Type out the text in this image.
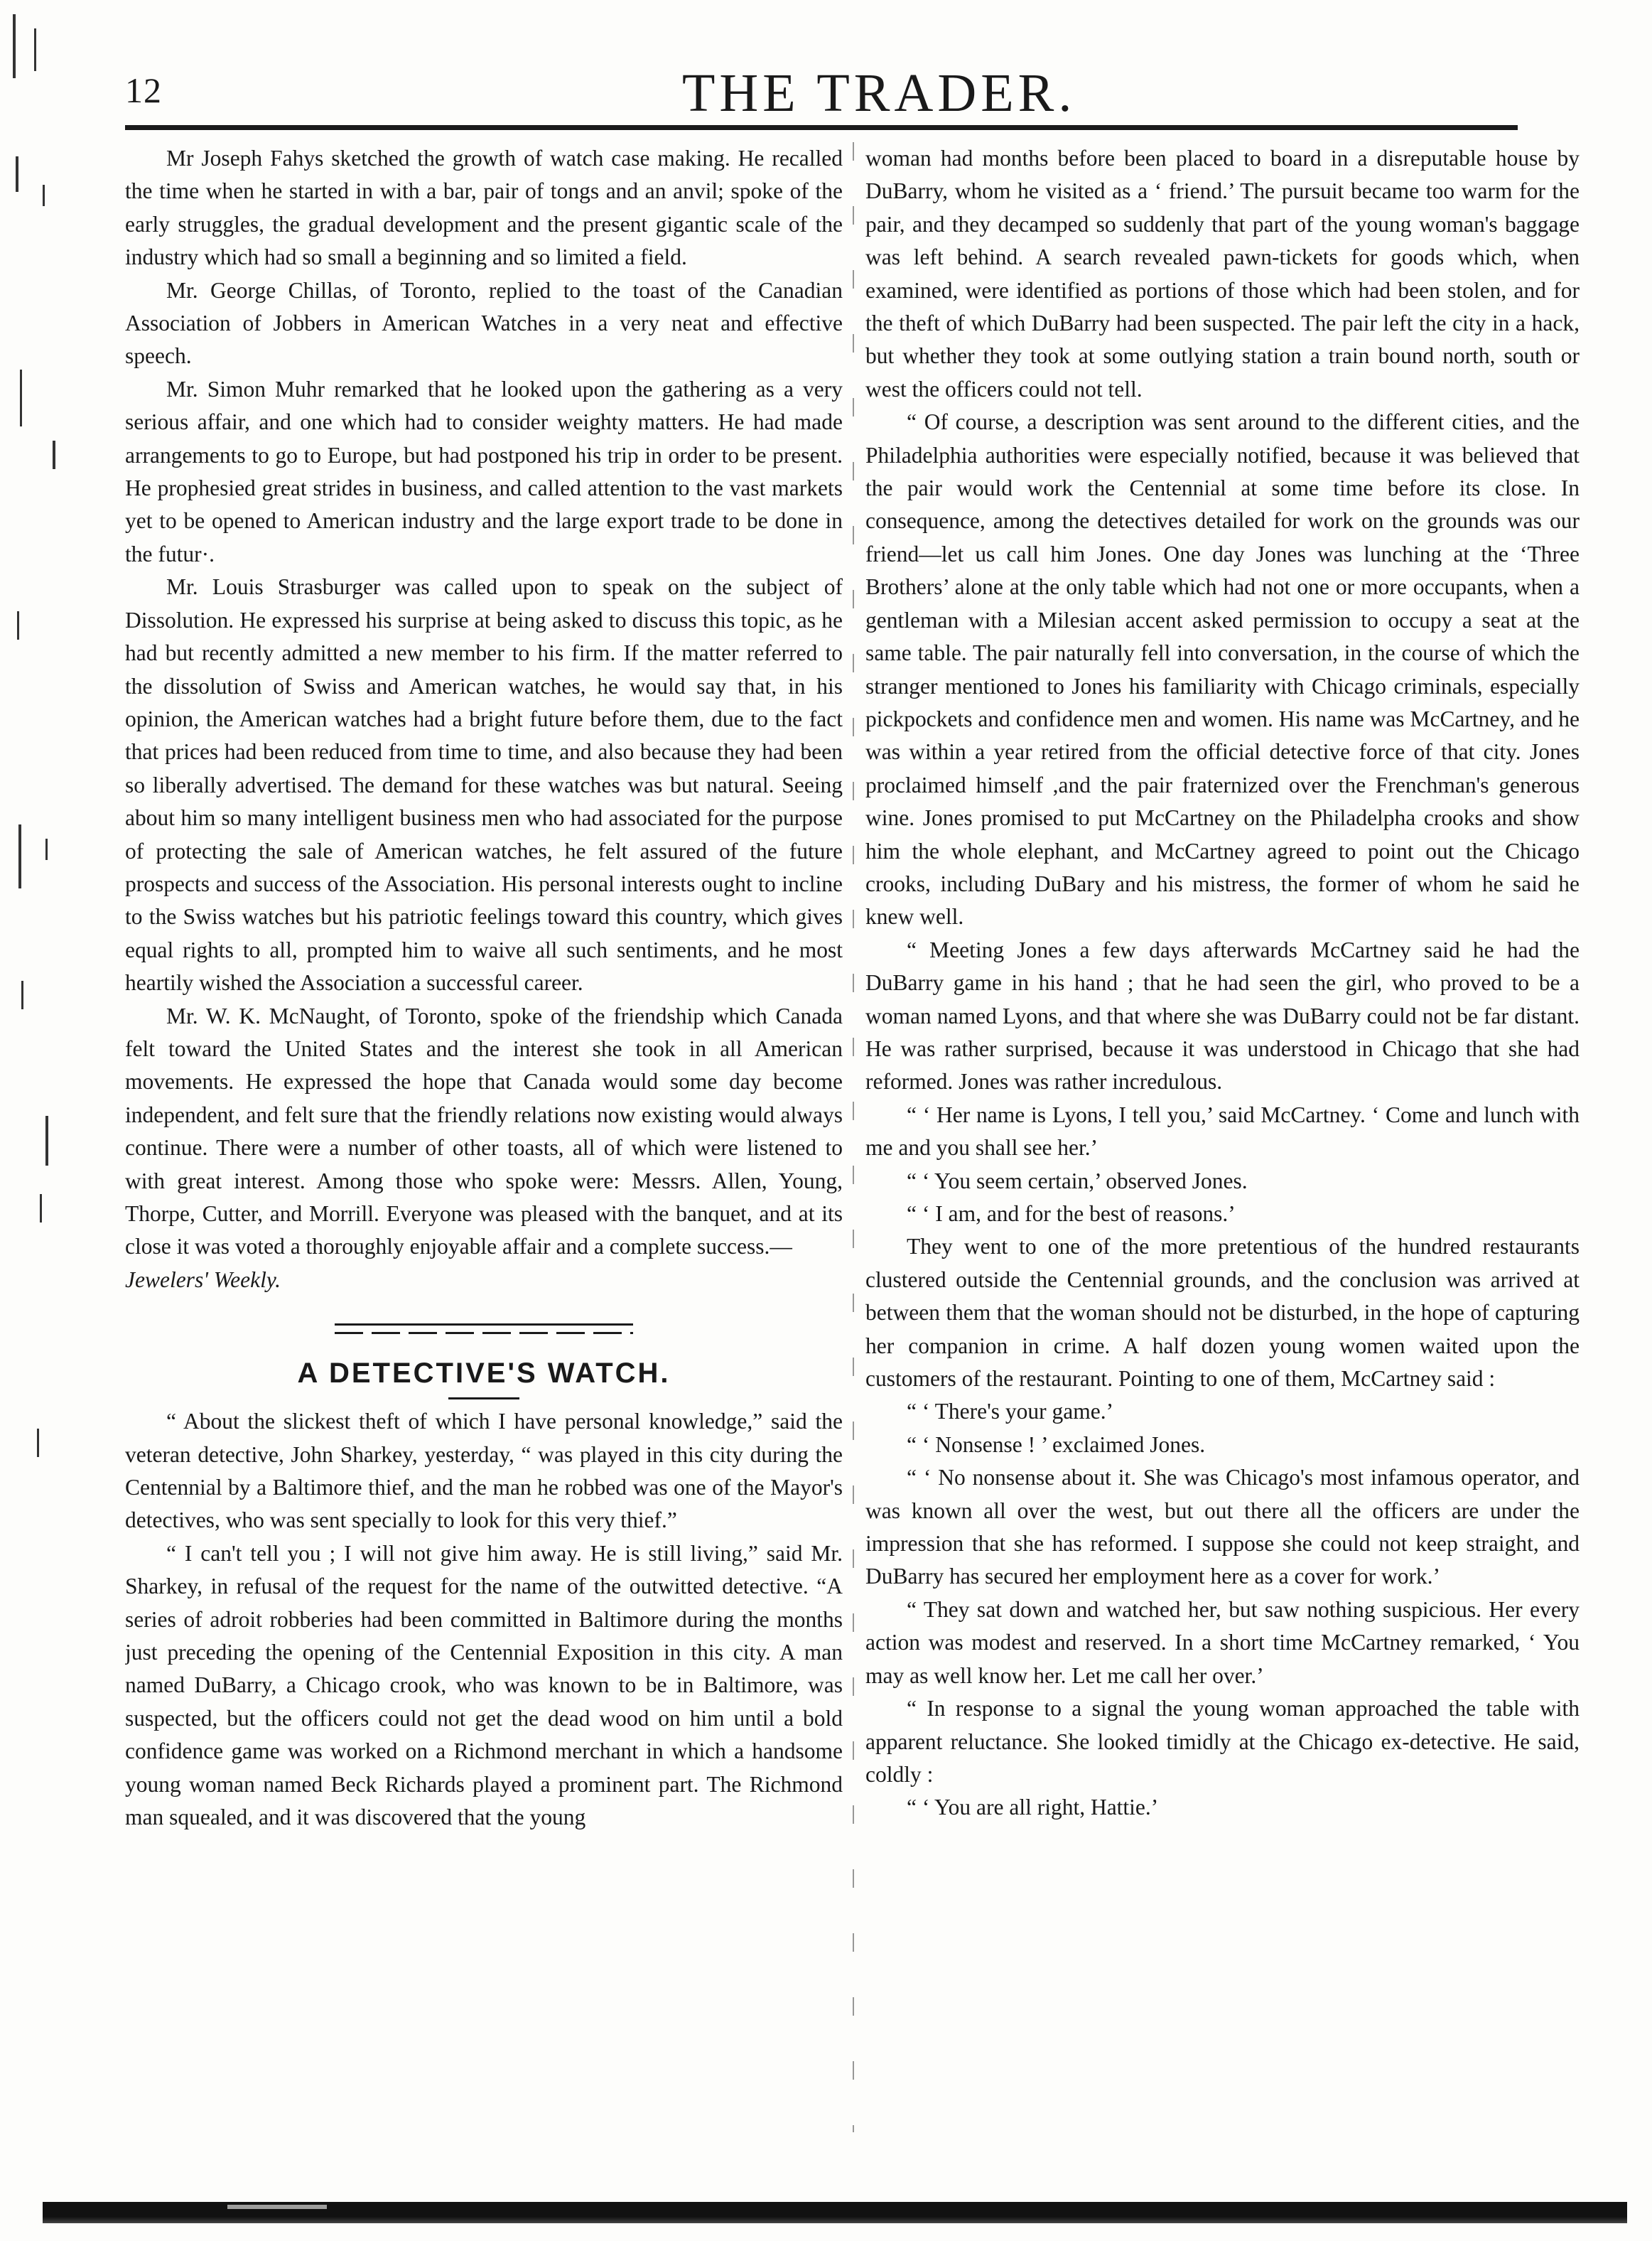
12	THE TRADER.

Mr Joseph Fahys sketched the growth of watch case making. He recalled the time when he started in with a bar, pair of tongs and an anvil; spoke of the early struggles, the gradual development and the present gigantic scale of the industry which had so small a beginning and so limited a field.

Mr. George Chillas, of Toronto, replied to the toast of the Canadian Association of Jobbers in American Watches in a very neat and effective speech.

Mr. Simon Muhr remarked that he looked upon the gathering as a very serious affair, and one which had to consider weighty matters. He had made arrangements to go to Europe, but had postponed his trip in order to be present. He prophesied great strides in business, and called attention to the vast markets yet to be opened to American industry and the large export trade to be done in the futur·.

Mr. Louis Strasburger was called upon to speak on the subject of Dissolution. He expressed his surprise at being asked to discuss this topic, as he had but recently admitted a new member to his firm. If the matter referred to the dissolution of Swiss and American watches, he would say that, in his opinion, the American watches had a bright future before them, due to the fact that prices had been reduced from time to time, and also because they had been so liberally advertised. The demand for these watches was but natural. Seeing about him so many intelligent business men who had associated for the purpose of protecting the sale of American watches, he felt assured of the future prospects and success of the Association. His personal interests ought to incline to the Swiss watches but his patriotic feelings toward this country, which gives equal rights to all, prompted him to waive all such sentiments, and he most heartily wished the Association a successful career.

Mr. W. K. McNaught, of Toronto, spoke of the friendship which Canada felt toward the United States and the interest she took in all American movements. He expressed the hope that Canada would some day become independent, and felt sure that the friendly relations now existing would always continue. There were a number of other toasts, all of which were listened to with great interest. Among those who spoke were: Messrs. Allen, Young, Thorpe, Cutter, and Morrill. Everyone was pleased with the banquet, and at its close it was voted a thoroughly enjoyable affair and a complete success.—

Jewelers' Weekly.
A DETECTIVE'S WATCH.

“ About the slickest theft of which I have personal knowledge,” said the veteran detective, John Sharkey, yesterday, “ was played in this city during the Centennial by a Baltimore thief, and the man he robbed was one of the Mayor's detectives, who was sent specially to look for this very thief.”

“ I can't tell you ; I will not give him away. He is still living,” said Mr. Sharkey, in refusal of the request for the name of the outwitted detective. “A series of adroit robberies had been committed in Baltimore during the months just preceding the opening of the Centennial Exposition in this city. A man named DuBarry, a Chicago crook, who was known to be in Baltimore, was suspected, but the officers could not get the dead wood on him until a bold confidence game was worked on a Richmond merchant in which a handsome young woman named Beck Richards played a prominent part. The Richmond man squealed, and it was discovered that the young

woman had months before been placed to board in a disreputable house by DuBarry, whom he visited as a ‘ friend.’ The pursuit became too warm for the pair, and they decamped so suddenly that part of the young woman's baggage was left behind. A search revealed pawn-tickets for goods which, when examined, were identified as portions of those which had been stolen, and for the theft of which DuBarry had been suspected. The pair left the city in a hack, but whether they took at some outlying station a train bound north, south or west the officers could not tell.

“ Of course, a description was sent around to the different cities, and the Philadelphia authorities were especially notified, because it was believed that the pair would work the Centennial at some time before its close. In consequence, among the detectives detailed for work on the grounds was our friend—let us call him Jones. One day Jones was lunching at the ‘Three Brothers’ alone at the only table which had not one or more occupants, when a gentleman with a Milesian accent asked permission to occupy a seat at the same table. The pair naturally fell into conversation, in the course of which the stranger mentioned to Jones his familiarity with Chicago criminals, especially pickpockets and confidence men and women. His name was McCartney, and he was within a year retired from the official detective force of that city. Jones proclaimed himself ,and the pair fraternized over the Frenchman's generous wine. Jones promised to put McCartney on the Philadelpha crooks and show him the whole elephant, and McCartney agreed to point out the Chicago crooks, including DuBary and his mistress, the former of whom he said he knew well.

“ Meeting Jones a few days afterwards McCartney said he had the DuBarry game in his hand ; that he had seen the girl, who proved to be a woman named Lyons, and that where she was DuBarry could not be far distant. He was rather surprised, because it was understood in Chicago that she had reformed. Jones was rather incredulous.

“ ‘ Her name is Lyons, I tell you,’ said McCartney. ‘ Come and lunch with me and you shall see her.’

“ ‘ You seem certain,’ observed Jones.

“ ‘ I am, and for the best of reasons.’

They went to one of the more pretentious of the hundred restaurants clustered outside the Centennial grounds, and the conclusion was arrived at between them that the woman should not be disturbed, in the hope of capturing her companion in crime. A half dozen young women waited upon the customers of the restaurant. Pointing to one of them, McCartney said :

“ ‘ There's your game.’

“ ‘ Nonsense ! ’ exclaimed Jones.

“ ‘ No nonsense about it. She was Chicago's most infamous operator, and was known all over the west, but out there all the officers are under the impression that she has reformed. I suppose she could not keep straight, and DuBarry has secured her employment here as a cover for work.’

“ They sat down and watched her, but saw nothing suspicious. Her every action was modest and reserved. In a short time McCartney remarked, ‘ You may as well know her. Let me call her over.’

“ In response to a signal the young woman approached the table with apparent reluctance. She looked timidly at the Chicago ex-detective. He said, coldly :

“ ‘ You are all right, Hattie.’
